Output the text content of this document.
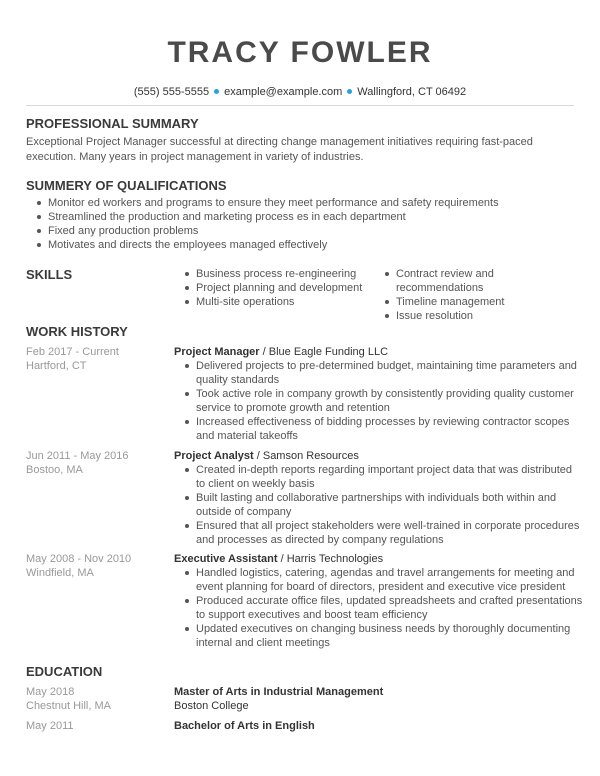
TRACY FOWLER
(555) 555-5555 example@example.com Wallingford, CT 06492
PROFESSIONAL SUMMARY
Exceptional Project Manager successful at directing change management initiatives requiring fast-paced execution. Many years in project management in variety of industries.
SUMMERY OF QUALIFICATIONS
Monitor ed workers and programs to ensure they meet performance and safety requirements
Streamlined the production and marketing process es in each department
Fixed any production problems
Motivates and directs the employees managed effectively
SKILLS	Business process re-engineering
Project planning and development
Multi-site operations
Contract review and recommendations
Timeline management
Issue resolution
WORK HISTORY
Feb 2017 - Current
Hartford, CT
Project Manager / Blue Eagle Funding LLC
Delivered projects to pre-determined budget, maintaining time parameters and quality standards
Took active role in company growth by consistently providing quality customer service to promote growth and retention
Increased effectiveness of bidding processes by reviewing contractor scopes and material takeoffs
Jun 2011 - May 2016
Bostoo, MA
Project Analyst / Samson Resources
Created in-depth reports regarding important project data that was distributed to client on weekly basis
Built lasting and collaborative partnerships with individuals both within and outside of company
Ensured that all project stakeholders were well-trained in corporate procedures and processes as directed by company regulations
May 2008 - Nov 2010
Windfield, MA
Executive Assistant / Harris Technologies
Handled logistics, catering, agendas and travel arrangements for meeting and event planning for board of directors, president and executive vice president
Produced accurate office files, updated spreadsheets and crafted presentations to support executives and boost team efficiency
Updated executives on changing business needs by thoroughly documenting internal and client meetings
EDUCATION
May 2018
Chestnut Hill, MA
Master of Arts in Industrial Management
Boston College
May 2011	Bachelor of Arts in English
